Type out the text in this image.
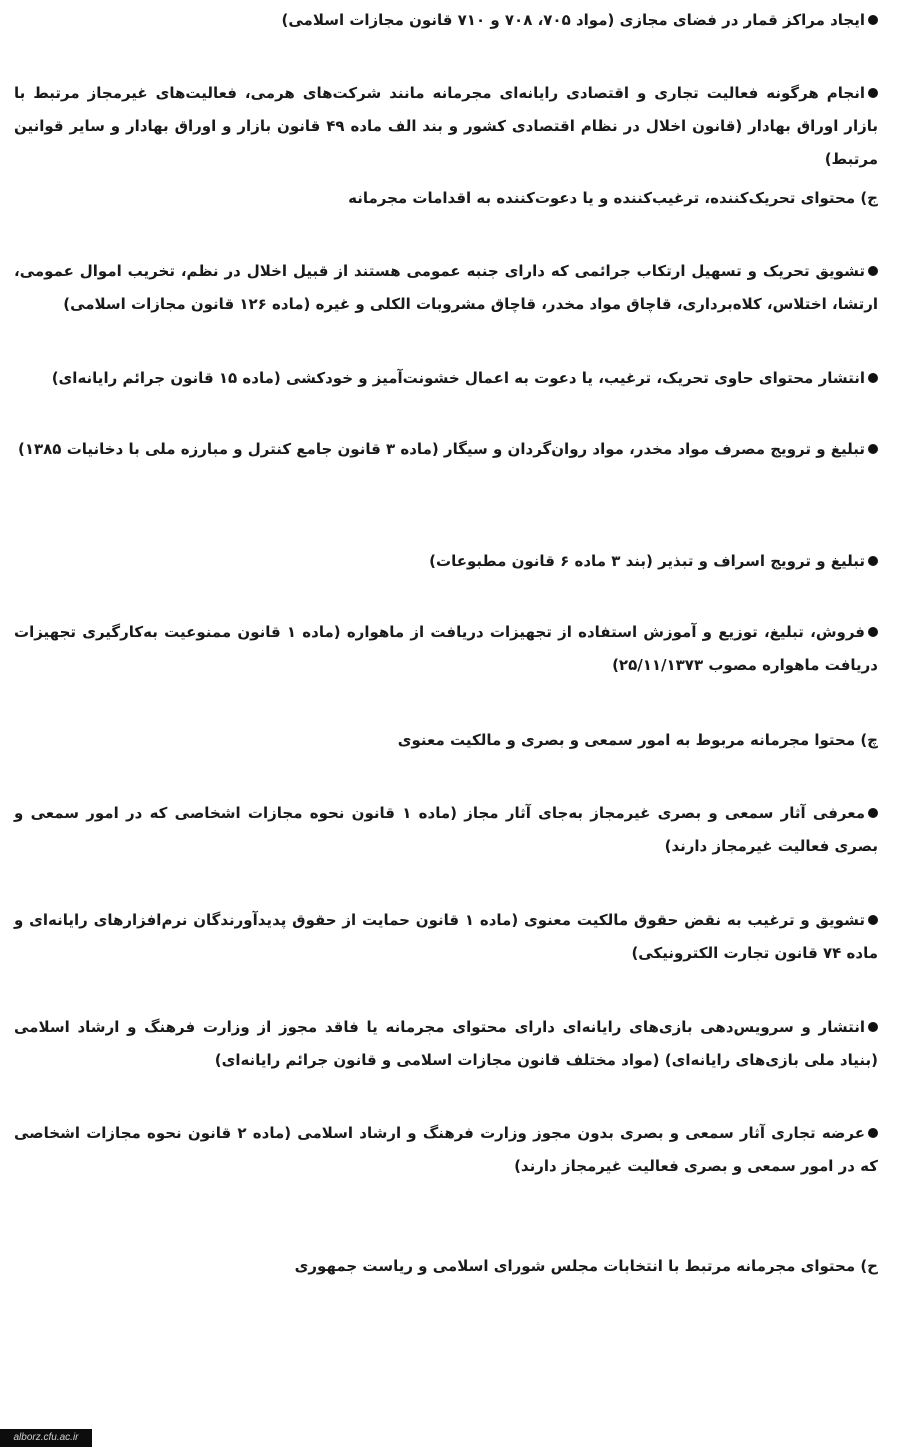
ایجاد مراکز قمار در فضای مجازی (مواد ۷۰۵، ۷۰۸ و ۷۱۰ قانون مجازات اسلامی)

انجام هرگونه فعالیت تجاری و اقتصادی رایانه‌ای مجرمانه مانند شرکت‌های هرمی، فعالیت‌های غیرمجاز مرتبط با بازار اوراق بهادار (قانون اخلال در نظام اقتصادی کشور و بند الف ماده ۴۹ قانون بازار و اوراق بهادار و سایر قوانین مرتبط)

ج) محتوای تحریک‌کننده، ترغیب‌کننده و یا دعوت‌کننده به اقدامات مجرمانه

تشویق تحریک و تسهیل ارتکاب جرائمی که دارای جنبه عمومی هستند از قبیل اخلال در نظم، تخریب اموال عمومی، ارتشا، اختلاس، کلاه‌برداری، قاچاق مواد مخدر، قاچاق مشروبات الکلی و غیره (ماده ۱۲۶ قانون مجازات اسلامی)

انتشار محتوای حاوی تحریک، ترغیب، یا دعوت به اعمال خشونت‌آمیز و خودکشی (ماده ۱۵ قانون جرائم رایانه‌ای)

تبلیغ و ترویج مصرف مواد مخدر، مواد روان‌گردان و سیگار (ماده ۳ قانون جامع کنترل و مبارزه ملی با دخانیات ۱۳۸۵)

تبلیغ و ترویج اسراف و تبذیر (بند ۳ ماده ۶ قانون مطبوعات)

فروش، تبلیغ، توزیع و آموزش استفاده از تجهیزات دریافت از ماهواره (ماده ۱ قانون ممنوعیت به‌کارگیری تجهیزات دریافت ماهواره مصوب ۲۵/۱۱/۱۳۷۳)

چ) محتوا مجرمانه مربوط به امور سمعی و بصری و مالکیت معنوی

معرفی آثار سمعی و بصری غیرمجاز به‌جای آثار مجاز (ماده ۱ قانون نحوه مجازات اشخاصی که در امور سمعی و بصری فعالیت غیرمجاز دارند)

تشویق و ترغیب به نقض حقوق مالکیت معنوی (ماده ۱ قانون حمایت از حقوق پدیدآورندگان نرم‌افزارهای رایانه‌ای و ماده ۷۴ قانون تجارت الکترونیکی)

انتشار و سرویس‌دهی بازی‌های رایانه‌ای دارای محتوای مجرمانه یا فاقد مجوز از وزارت فرهنگ و ارشاد اسلامی (بنیاد ملی بازی‌های رایانه‌ای) (مواد مختلف قانون مجازات اسلامی و قانون جرائم رایانه‌ای)

عرضه تجاری آثار سمعی و بصری بدون مجوز وزارت فرهنگ و ارشاد اسلامی (ماده ۲ قانون نحوه مجازات اشخاصی که در امور سمعی و بصری فعالیت غیرمجاز دارند)

ح) محتوای مجرمانه مرتبط با انتخابات مجلس شورای اسلامی و ریاست جمهوری

alborz.cfu.ac.ir
